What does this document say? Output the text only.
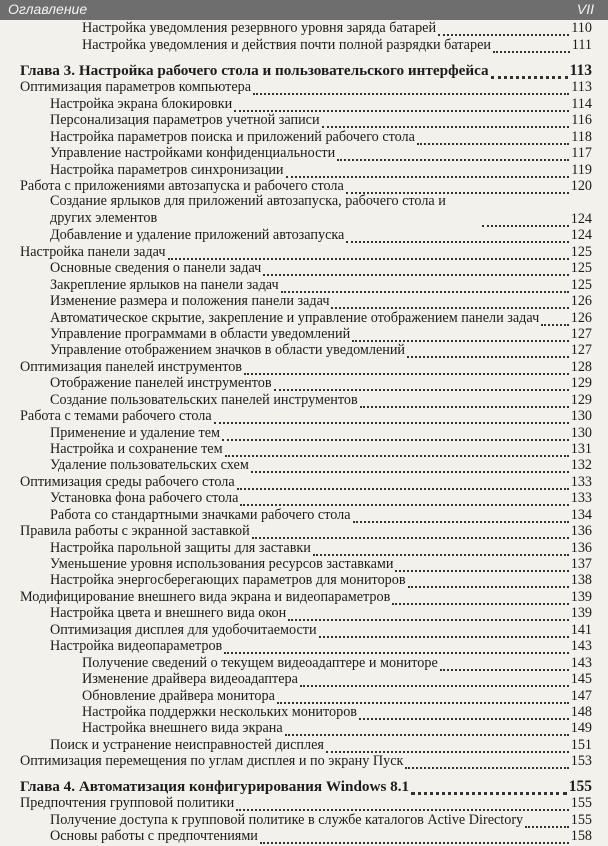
Оглавление	VII
Настройка уведомления резервного уровня заряда батарей	110
Настройка уведомления и действия почти полной разрядки батареи	111
Глава 3. Настройка рабочего стола и пользовательского интерфейса	113
Оптимизация параметров компьютера	113
Настройка экрана блокировки	114
Персонализация параметров учетной записи	116
Настройка параметров поиска и приложений рабочего стола	118
Управление настройками конфиденциальности	117
Настройка параметров синхронизации	119
Работа с приложениями автозапуска и рабочего стола	120
Создание ярлыков для приложений автозапуска, рабочего стола и других элементов	124
Добавление и удаление приложений автозапуска	124
Настройка панели задач	125
Основные сведения о панели задач	125
Закрепление ярлыков на панели задач	125
Изменение размера и положения панели задач	126
Автоматическое скрытие, закрепление и управление отображением панели задач 126
Управление программами в области уведомлений	127
Управление отображением значков в области уведомлений	127
Оптимизация панелей инструментов	128
Отображение панелей инструментов	129
Создание пользовательских панелей инструментов	129
Работа с темами рабочего стола	130
Применение и удаление тем	130
Настройка и сохранение тем	131
Удаление пользовательских схем	132
Оптимизация среды рабочего стола	133
Установка фона рабочего стола	133
Работа со стандартными значками рабочего стола	134
Правила работы с экранной заставкой	136
Настройка парольной защиты для заставки	136
Уменьшение уровня использования ресурсов заставками	137
Настройка энергосберегающих параметров для мониторов	138
Модифицирование внешнего вида экрана и видеопараметров	139
Настройка цвета и внешнего вида окон	139
Оптимизация дисплея для удобочитаемости	141
Настройка видеопараметров	143
Получение сведений о текущем видеоадаптере и мониторе	143
Изменение драйвера видеоадаптера	145
Обновление драйвера монитора	147
Настройка поддержки нескольких мониторов	148
Настройка внешнего вида экрана	149
Поиск и устранение неисправностей дисплея	151
Оптимизация перемещения по углам дисплея и по экрану Пуск	153
Глава 4. Автоматизация конфигурирования Windows 8.1	155
Предпочтения групповой политики	155
Получение доступа к групповой политике в службе каталогов Active Directory	155
Основы работы с предпочтениями	158
